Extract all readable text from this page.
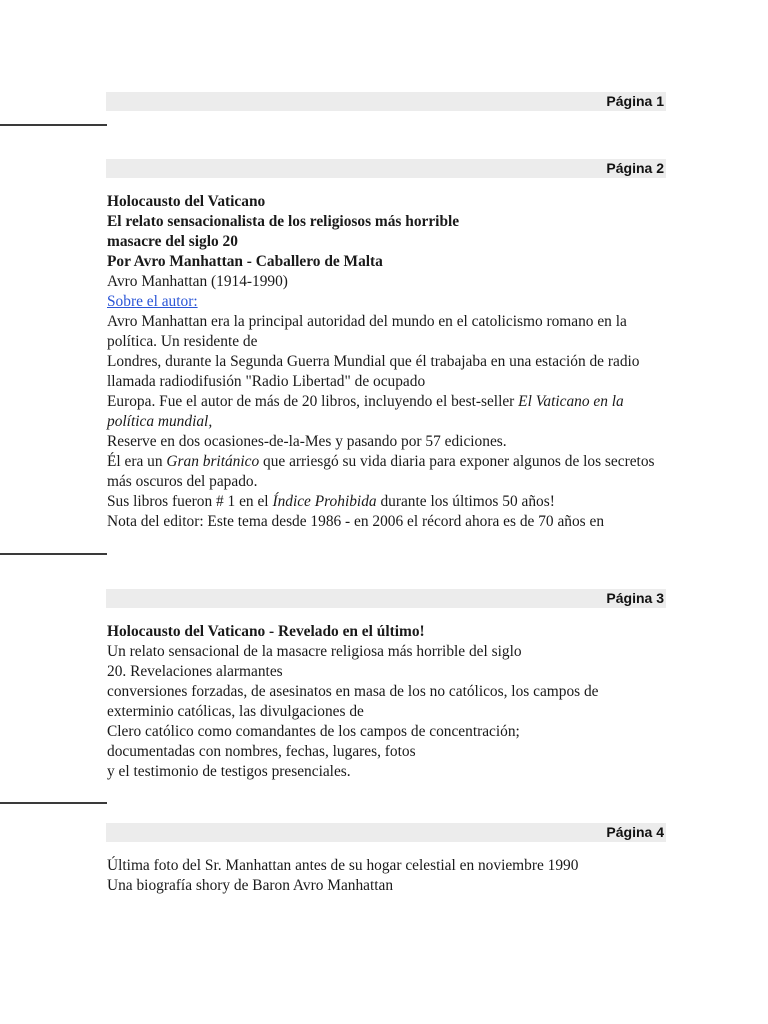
Página 1
Página 2

Holocausto del Vaticano

El relato sensacionalista de los religiosos más horrible

masacre del siglo 20

Por Avro Manhattan - Caballero de Malta

Avro Manhattan (1914-1990)

Sobre el autor:

Avro Manhattan era la principal autoridad del mundo en el catolicismo romano en la política. Un residente de

Londres, durante la Segunda Guerra Mundial que él trabajaba en una estación de radio llamada radiodifusión "Radio Libertad" de ocupado

Europa. Fue el autor de más de 20 libros, incluyendo el best-seller El Vaticano en la política mundial,

Reserve en dos ocasiones-de-la-Mes y pasando por 57 ediciones.

Él era un Gran británico que arriesgó su vida diaria para exponer algunos de los secretos más oscuros del papado.

Sus libros fueron # 1 en el Índice Prohibida durante los últimos 50 años!

Nota del editor: Este tema desde 1986 - en 2006 el récord ahora es de 70 años en

Página 3

Holocausto del Vaticano - Revelado en el último!

Un relato sensacional de la masacre religiosa más horrible del siglo

20. Revelaciones alarmantes

conversiones forzadas, de asesinatos en masa de los no católicos, los campos de exterminio católicas, las divulgaciones de

Clero católico como comandantes de los campos de concentración;

documentadas con nombres, fechas, lugares, fotos

y el testimonio de testigos presenciales.

Página 4

Última foto del Sr. Manhattan antes de su hogar celestial en noviembre 1990

Una biografía shory de Baron Avro Manhattan
